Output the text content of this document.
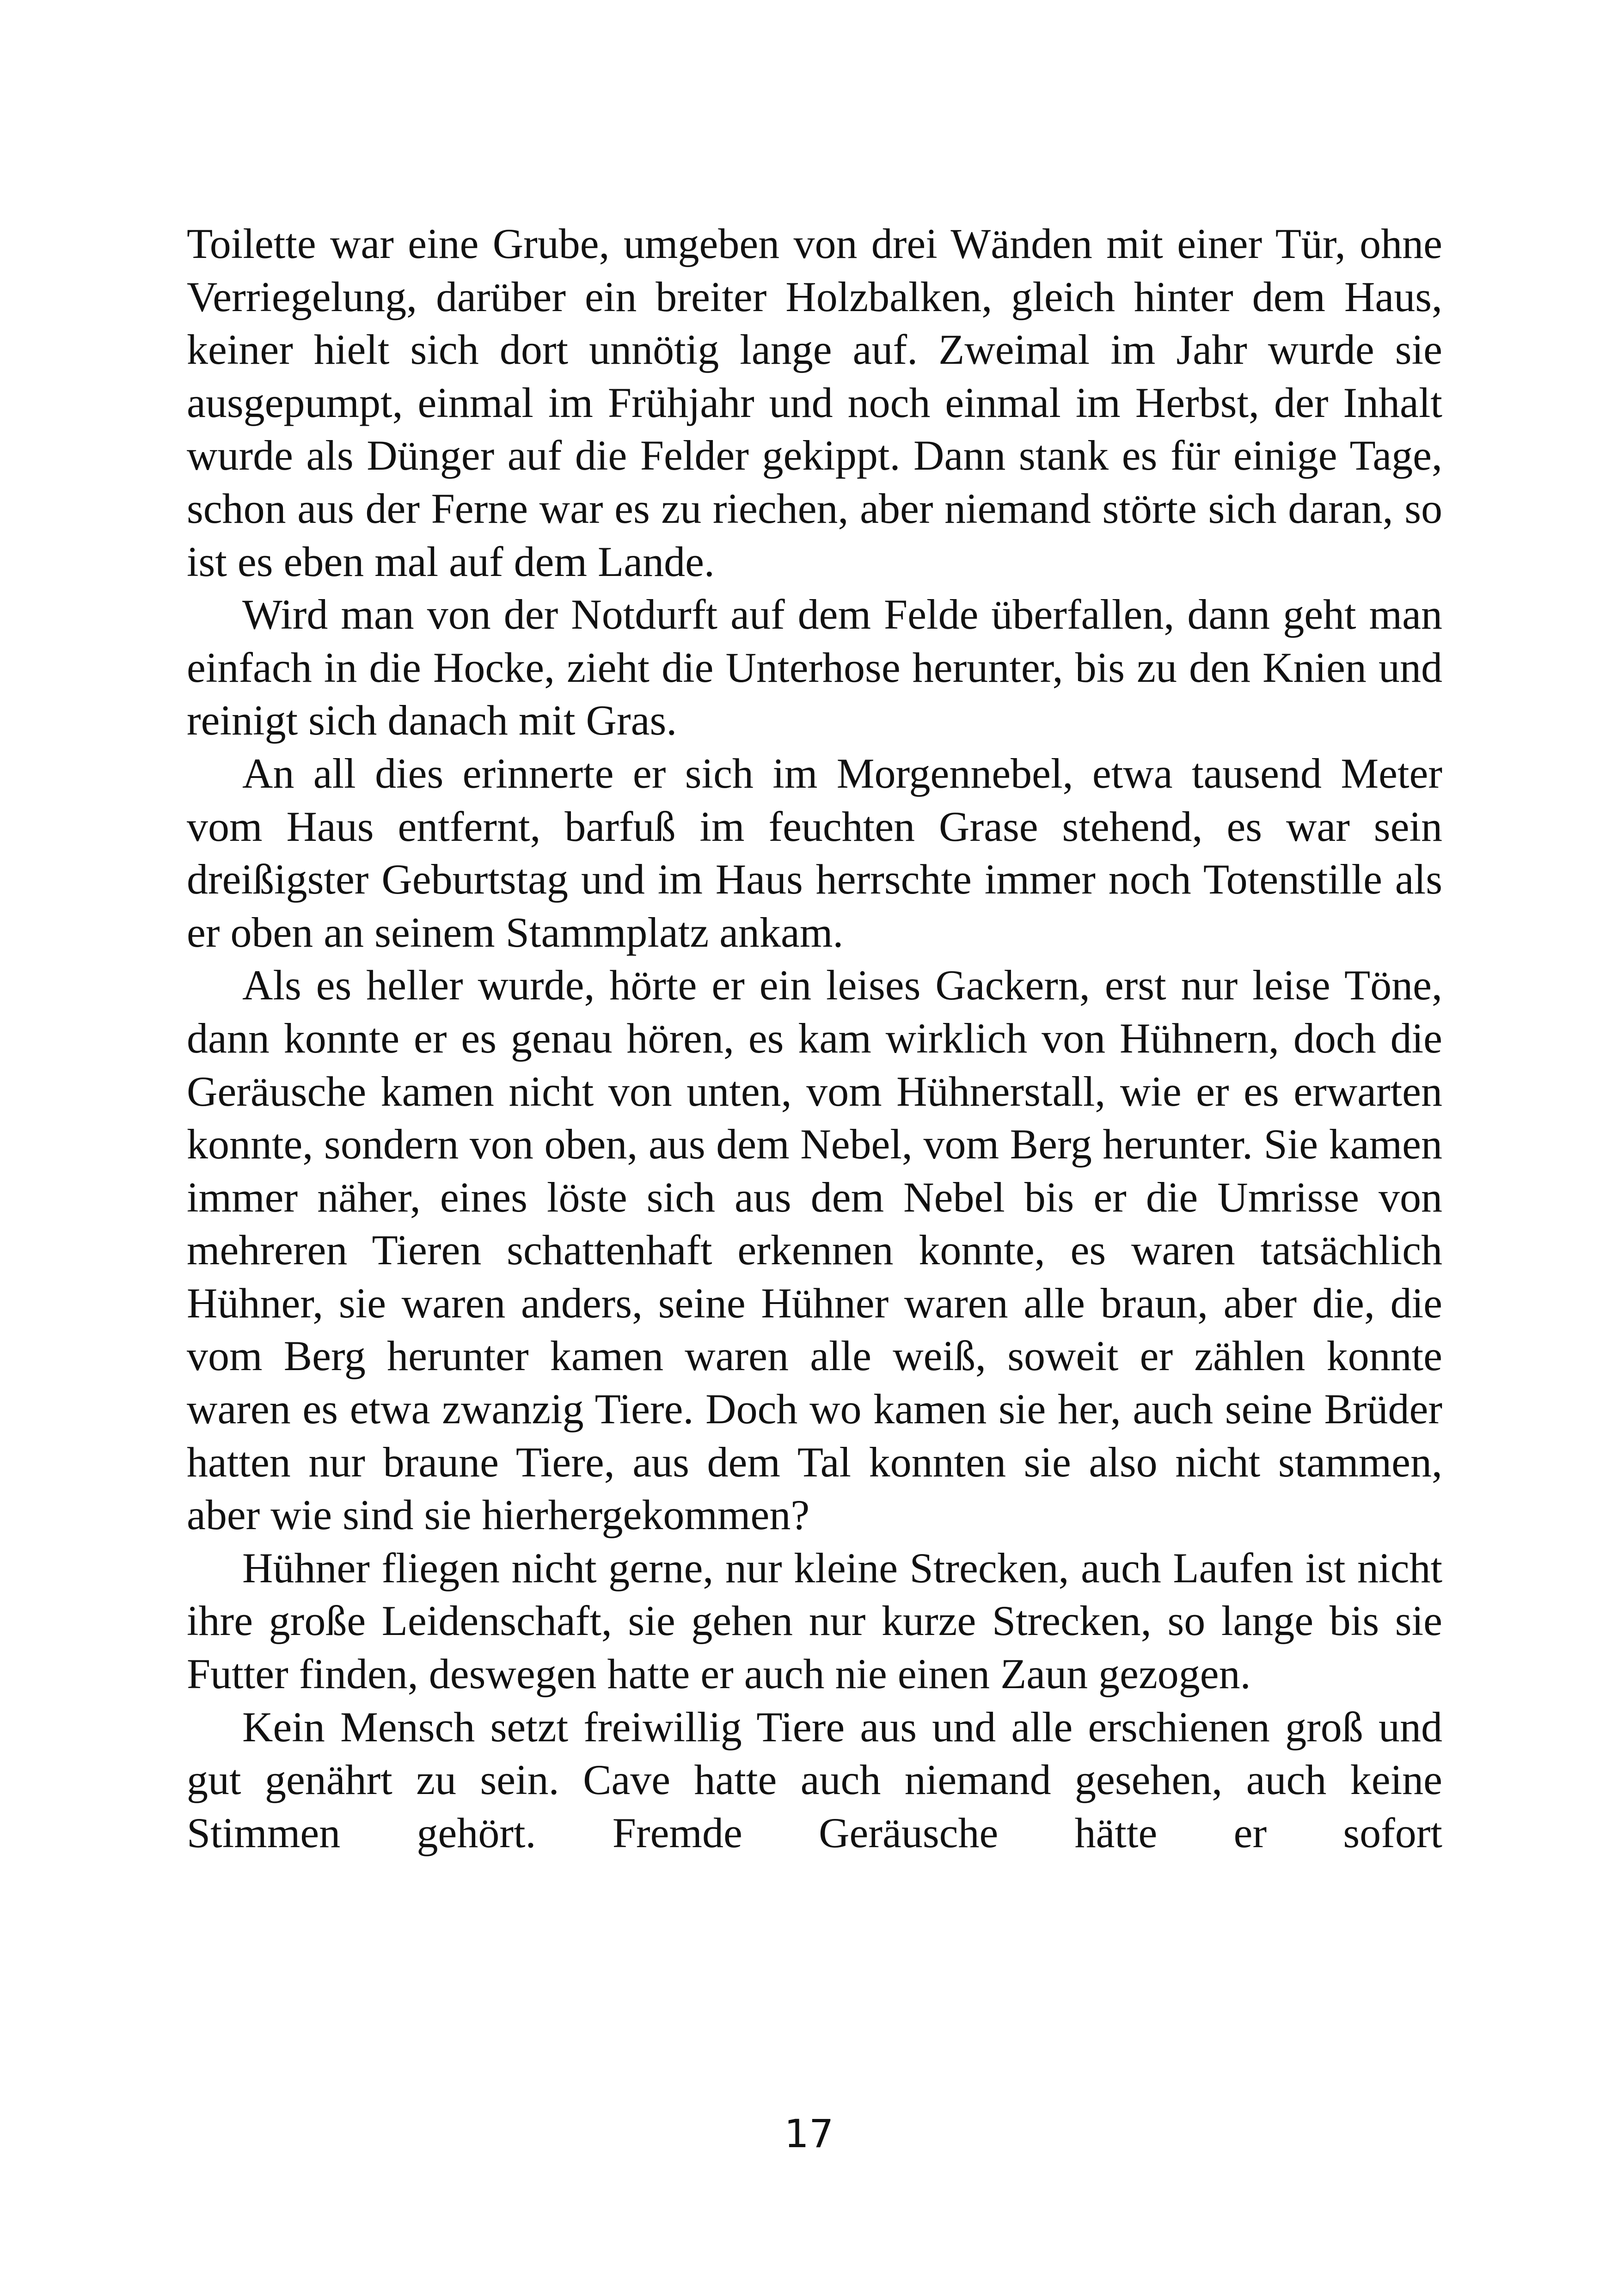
Toilette war eine Grube, umgeben von drei Wänden mit einer Tür, ohne Verriegelung, darüber ein breiter Holzbalken, gleich hinter dem Haus, keiner hielt sich dort unnötig lange auf. Zweimal im Jahr wurde sie ausgepumpt, einmal im Frühjahr und noch einmal im Herbst, der Inhalt wurde als Dünger auf die Felder gekippt. Dann stank es für einige Tage, schon aus der Ferne war es zu riechen, aber niemand störte sich daran, so ist es eben mal auf dem Lande.

Wird man von der Notdurft auf dem Felde überfallen, dann geht man einfach in die Hocke, zieht die Unterhose herunter, bis zu den Knien und reinigt sich danach mit Gras.

An all dies erinnerte er sich im Morgennebel, etwa tausend Meter vom Haus entfernt, barfuß im feuchten Grase stehend, es war sein dreißigster Geburtstag und im Haus herrschte immer noch Totenstille als er oben an seinem Stammplatz ankam.

Als es heller wurde, hörte er ein leises Gackern, erst nur leise Töne, dann konnte er es genau hören, es kam wirklich von Hühnern, doch die Geräusche kamen nicht von unten, vom Hühnerstall, wie er es erwarten konnte, sondern von oben, aus dem Nebel, vom Berg herunter. Sie kamen immer näher, eines löste sich aus dem Nebel bis er die Umrisse von mehreren Tieren schattenhaft erkennen konnte, es waren tatsächlich Hühner, sie waren anders, seine Hühner waren alle braun, aber die, die vom Berg herunter kamen waren alle weiß, soweit er zählen konnte waren es etwa zwanzig Tiere. Doch wo kamen sie her, auch seine Brüder hatten nur braune Tiere, aus dem Tal konnten sie also nicht stammen, aber wie sind sie hierhergekommen?

Hühner fliegen nicht gerne, nur kleine Strecken, auch Laufen ist nicht ihre große Leidenschaft, sie gehen nur kurze Strecken, so lange bis sie Futter finden, deswegen hatte er auch nie einen Zaun gezogen.

Kein Mensch setzt freiwillig Tiere aus und alle erschienen groß und gut genährt zu sein. Cave hatte auch niemand gesehen, auch keine Stimmen gehört. Fremde Geräusche hätte er sofort

17
